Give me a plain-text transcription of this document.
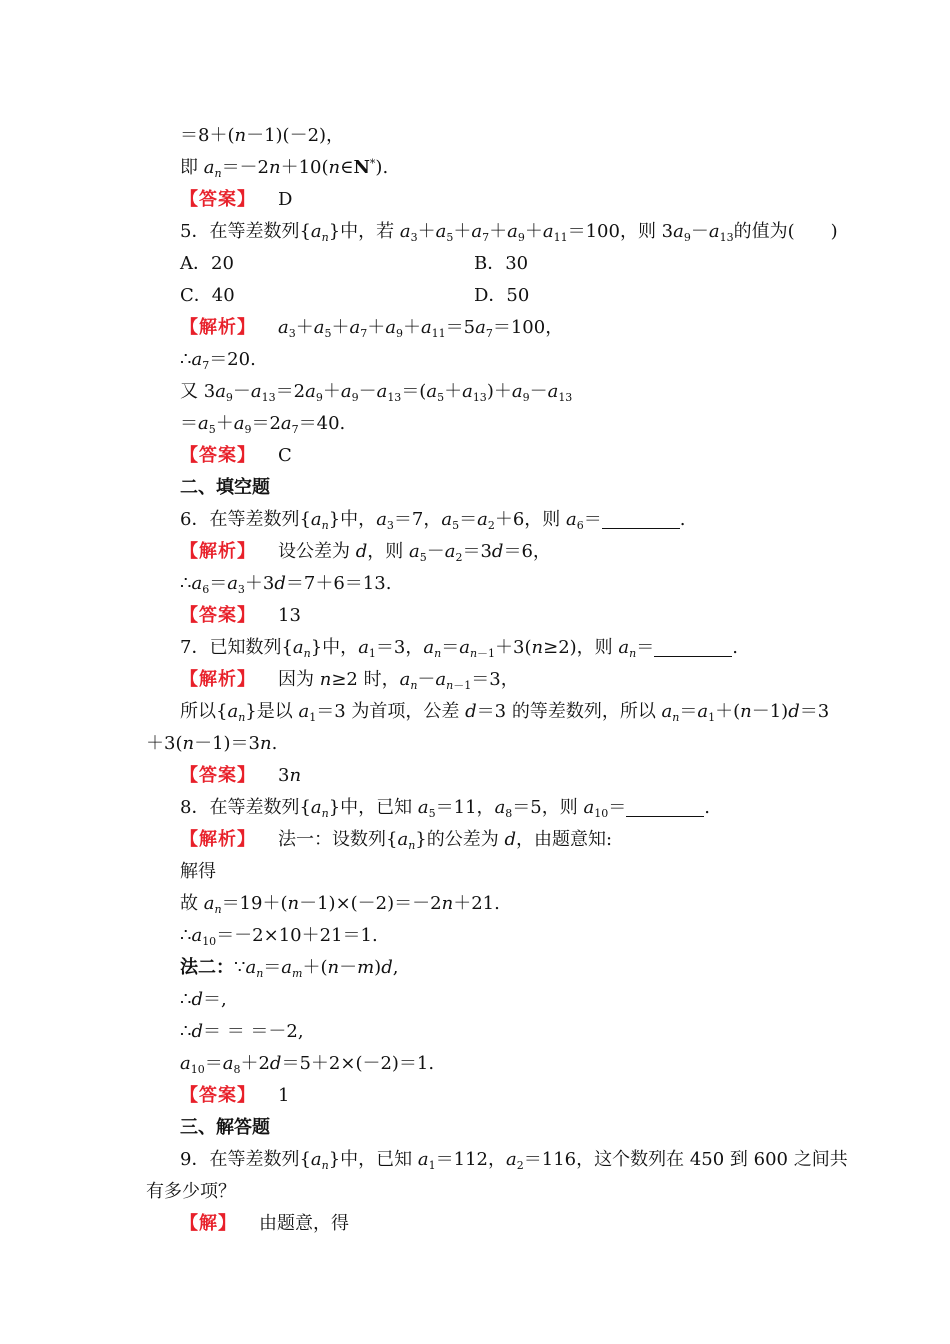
＝8＋(n－1)(－2)，
即 $a_n=-2n+10(n\in N^*)$.
【答案】 D
5．在等差数列$\{a_n\}$中，若 $a_3+a_5+a_7+a_9+a_{11}=100$，则 $3a_9-a_{13}$的值为(　　)
A．20	B．30
C．40	D．50
【解析】 $a_3+a_5+a_7+a_9+a_{11}=5a_7=100$，
$\therefore a_7=20$.
又 $3a_9-a_{13}=2a_9+a_9-a_{13}=(a_5+a_{13})+a_9-a_{13}$
$=a_5+a_9=2a_7=40$.
【答案】 C
二、填空题
6．在等差数列$\{a_n\}$中，$a_3=7$，$a_5=a_2+6$，则 $a_6=$	.
【解析】 设公差为 d，则 $a_5-a_2=3d=6$，
$\therefore a_6=a_3+3d=7+6=13$.
【答案】 13
7．已知数列$\{a_n\}$中，$a_1=3$，$a_n=a_{n-1}+3(n\ge 2)$，则 $a_n=$	.
【解析】 因为 n≥2 时，$a_n-a_{n-1}=3$，
所以$\{a_n\}$是以 $a_1=3$ 为首项，公差 d＝3 的等差数列，所以 $a_n=a_1+(n-1)d=3$
＋3(n－1)＝3n.
【答案】 3n
8．在等差数列$\{a_n\}$中，已知 $a_5=11$，$a_8=5$，则 $a_{10}=$	.
【解析】 法一：设数列$\{a_n\}$的公差为 d，由题意知:
解得
故 $a_n=19+(n-1)\times(-2)=-2n+21$.
$\therefore a_{10}=-2\times 10+21=1$.
法二：$\because a_n=a_m+(n-m)d$,
∴d＝,
∴d＝ ＝ ＝－2,
$a_{10}=a_8+2d=5+2\times(-2)=1$.
【答案】 1
三、解答题
9．在等差数列$\{a_n\}$中，已知 $a_1=112$，$a_2=116$，这个数列在 450 到 600 之间共
有多少项？
【解】 由题意，得
